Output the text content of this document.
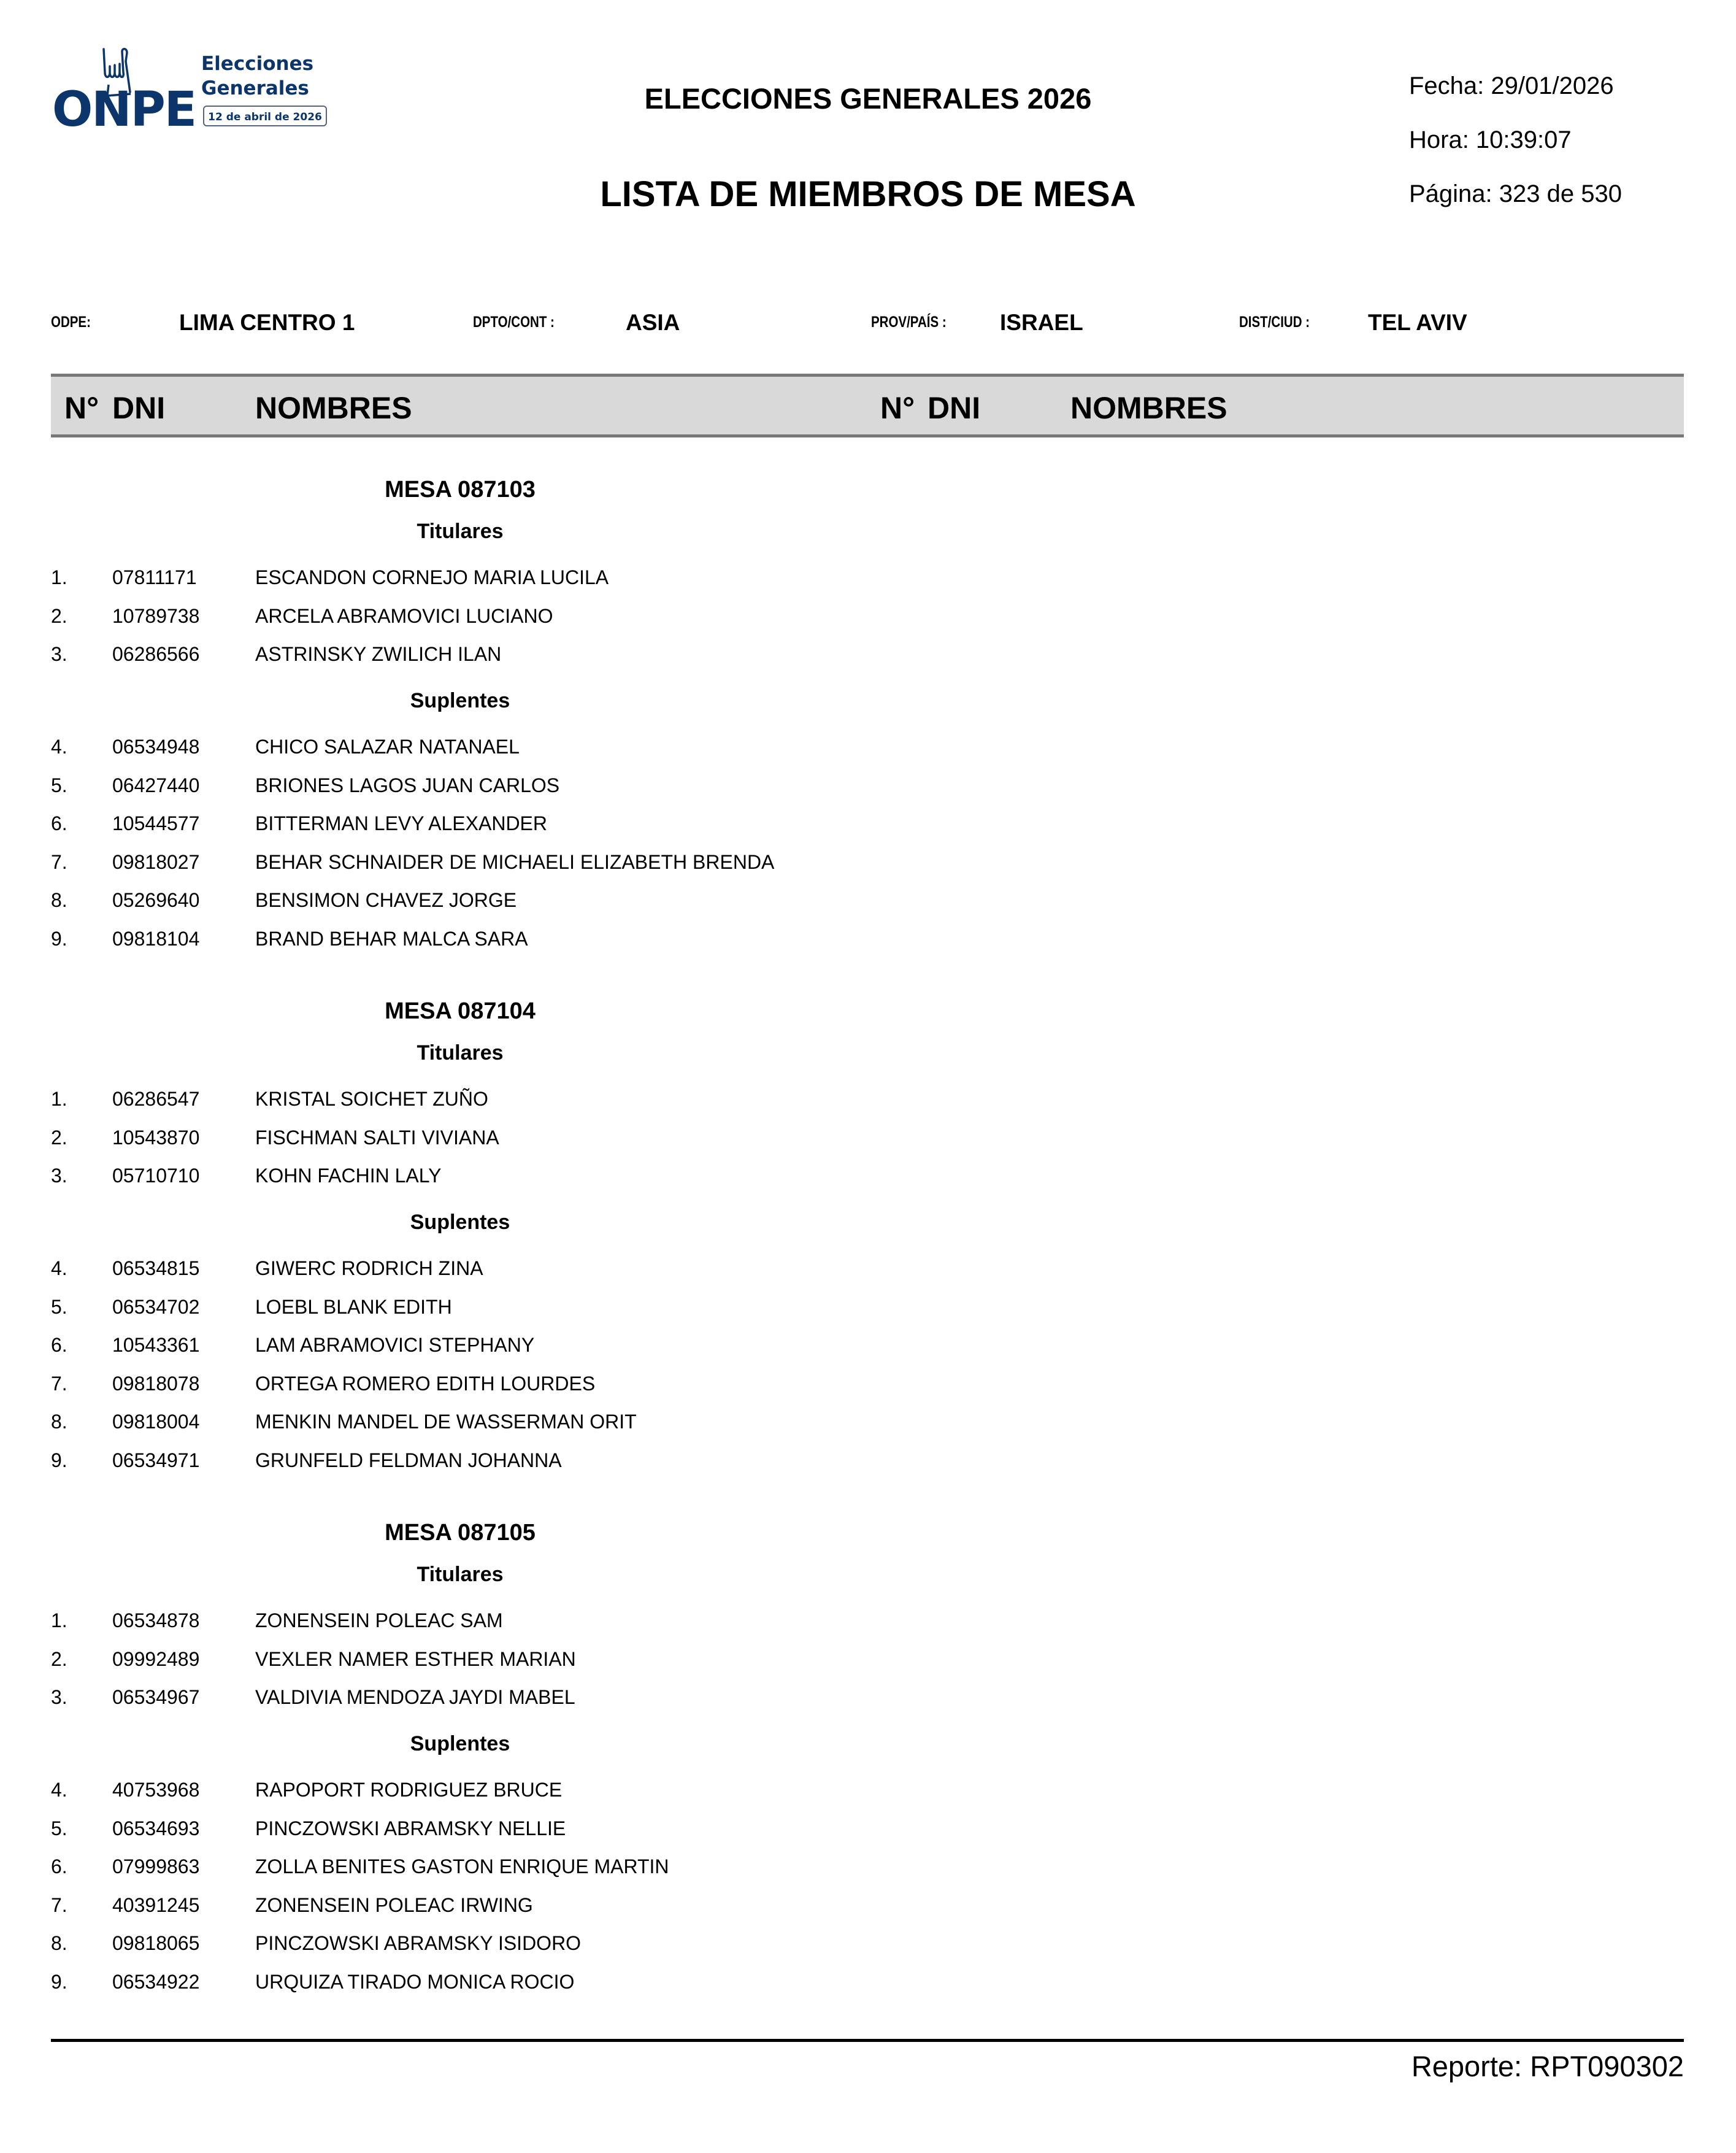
ONPE
Elecciones
Generales
12 de abril de 2026
ELECCIONES GENERALES 2026
LISTA DE MIEMBROS DE MESA
Fecha: 29/01/2026
Hora: 10:39:07
Página: 323 de 530
ODPE:	LIMA CENTRO 1	DPTO/CONT :	ASIA	PROV/PAÍS : ISRAEL	DIST/CIUD :	TEL AVIV
N° DNI	NOMBRES	N° DNI	NOMBRES
MESA 087103
Titulares
1. 07811171	ESCANDON CORNEJO MARIA LUCILA
2. 10789738	ARCELA ABRAMOVICI LUCIANO
3. 06286566	ASTRINSKY ZWILICH ILAN
Suplentes
4. 06534948	CHICO SALAZAR NATANAEL
5. 06427440	BRIONES LAGOS JUAN CARLOS
6. 10544577	BITTERMAN LEVY ALEXANDER
7. 09818027	BEHAR SCHNAIDER DE MICHAELI ELIZABETH BRENDA
8. 05269640	BENSIMON CHAVEZ JORGE
9. 09818104	BRAND BEHAR MALCA SARA
MESA 087104
Titulares
1. 06286547	KRISTAL SOICHET ZUÑO
2. 10543870	FISCHMAN SALTI VIVIANA
3. 05710710	KOHN FACHIN LALY
Suplentes
4. 06534815	GIWERC RODRICH ZINA
5. 06534702	LOEBL BLANK EDITH
6. 10543361	LAM ABRAMOVICI STEPHANY
7. 09818078	ORTEGA ROMERO EDITH LOURDES
8. 09818004	MENKIN MANDEL DE WASSERMAN ORIT
9. 06534971	GRUNFELD FELDMAN JOHANNA
MESA 087105
Titulares
1. 06534878	ZONENSEIN POLEAC SAM
2. 09992489	VEXLER NAMER ESTHER MARIAN
3. 06534967	VALDIVIA MENDOZA JAYDI MABEL
Suplentes
4. 40753968	RAPOPORT RODRIGUEZ BRUCE
5. 06534693	PINCZOWSKI ABRAMSKY NELLIE
6. 07999863	ZOLLA BENITES GASTON ENRIQUE MARTIN
7. 40391245	ZONENSEIN POLEAC IRWING
8. 09818065	PINCZOWSKI ABRAMSKY ISIDORO
9. 06534922	URQUIZA TIRADO MONICA ROCIO
Reporte: RPT090302
